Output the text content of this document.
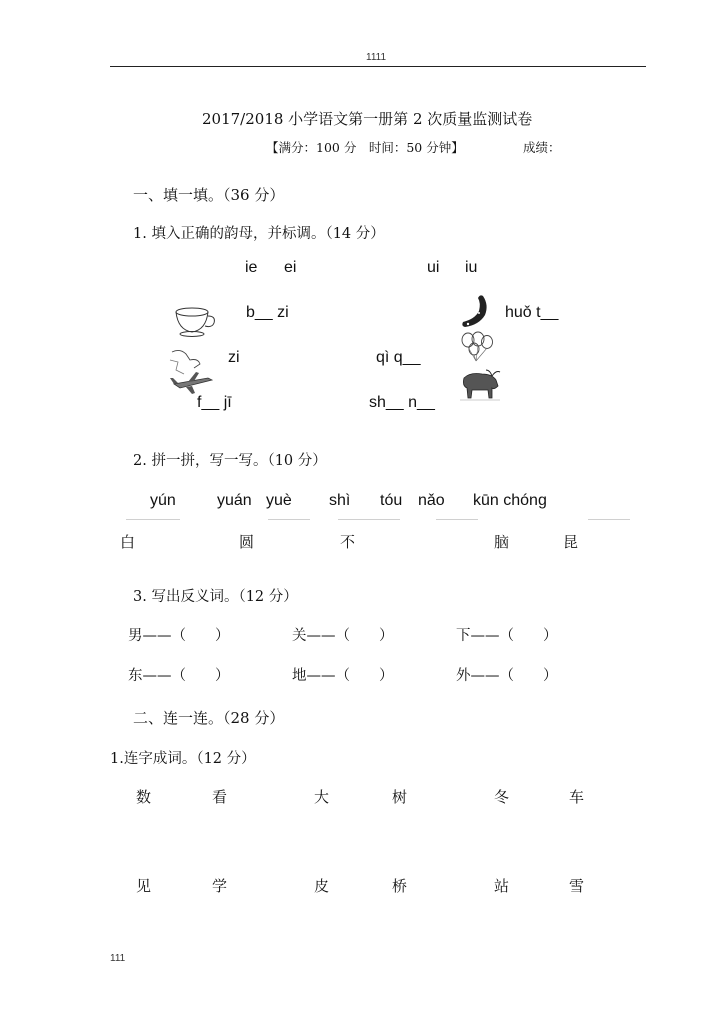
1111
2017/2018 小学语文第一册第 2 次质量监测试卷
【满分：100 分　时间：50 分钟】	成绩：
一、填一填。（36 分）
1. 填入正确的韵母，并标调。（14 分）
ie ei	ui iu
b__ zi	huǒ t__
zi	qì q__
f__ jī	sh__ n__
2. 拼一拼，写一写。（10 分）
yún	yuán yuè shì tóu nǎo kūn chóng
白	圆	不	脑	昆
3. 写出反义词。（12 分）
男——（　　）	关——（　　）	下——（　　）
东——（　　）	地——（　　）	外——（　　）
二、连一连。（28 分）
1.连字成词。（12 分）
数	看	大	树	冬	车
见	学	皮	桥	站	雪
111
